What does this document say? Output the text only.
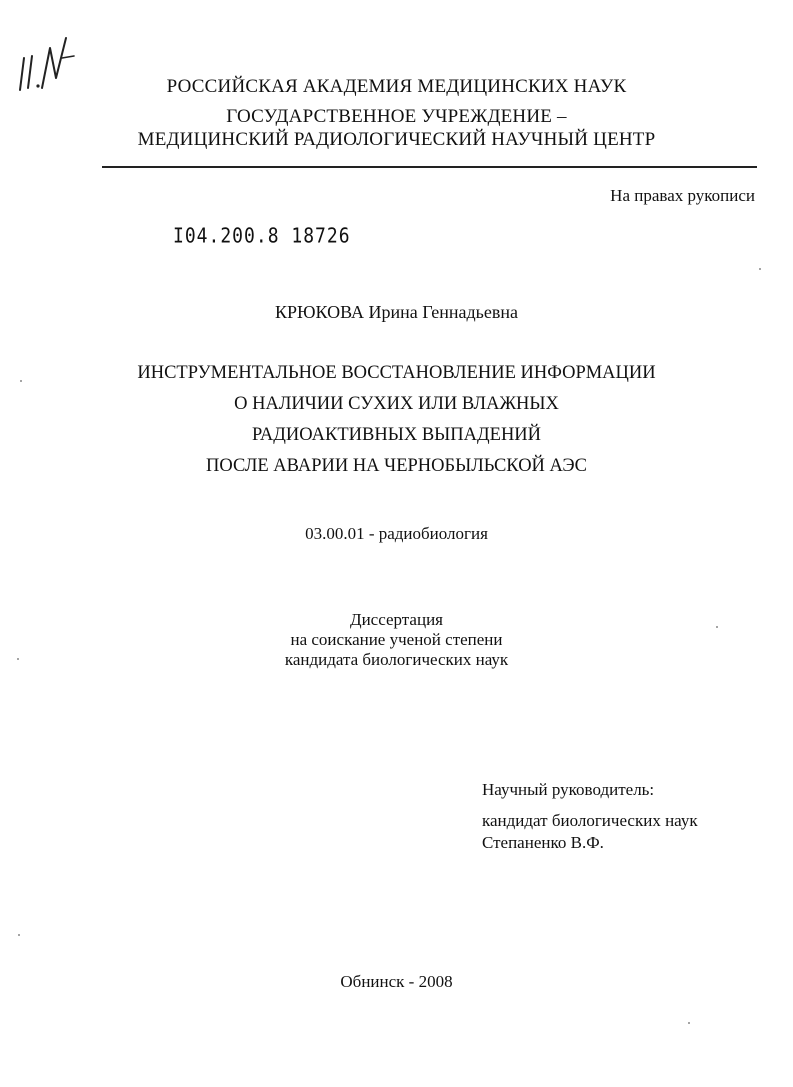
РОССИЙСКАЯ АКАДЕМИЯ МЕДИЦИНСКИХ НАУК
ГОСУДАРСТВЕННОЕ УЧРЕЖДЕНИЕ –
МЕДИЦИНСКИЙ РАДИОЛОГИЧЕСКИЙ НАУЧНЫЙ ЦЕНТР
На правах рукописи
I04.200.8 18726
КРЮКОВА Ирина Геннадьевна
ИНСТРУМЕНТАЛЬНОЕ ВОССТАНОВЛЕНИЕ ИНФОРМАЦИИ
О НАЛИЧИИ СУХИХ ИЛИ ВЛАЖНЫХ
РАДИОАКТИВНЫХ ВЫПАДЕНИЙ
ПОСЛЕ АВАРИИ НА ЧЕРНОБЫЛЬСКОЙ АЭС
03.00.01 - радиобиология
Диссертация
на соискание ученой степени
кандидата биологических наук
Научный руководитель:
кандидат биологических наук
Степаненко В.Ф.
Обнинск - 2008
